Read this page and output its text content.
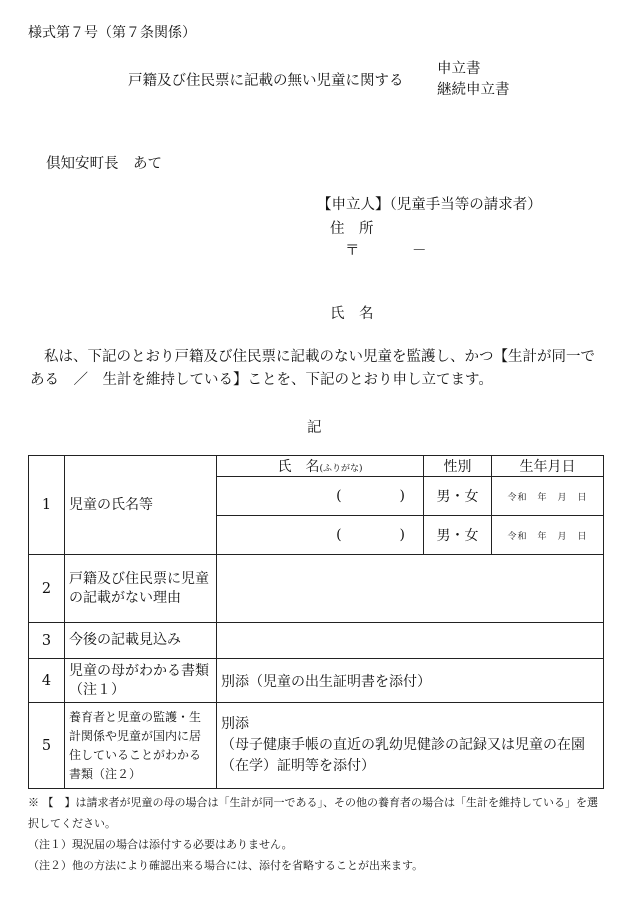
様式第７号（第７条関係）
戸籍及び住民票に記載の無い児童に関する
申立書
継続申立書
倶知安町長　あて
【申立人】（児童手当等の請求者）
住　所
〒	－
氏　名
私は、下記のとおり戸籍及び住民票に記載のない児童を監護し、かつ【生計が同一である　／　生計を維持している】ことを、下記のとおり申し立てます。
記
1	児童の氏名等	氏　名(ふりがな)	性別	生年月日

		( )	男・女	令和　年　月　日

		( )	男・女	令和　年　月　日
2	戸籍及び住民票に児童の記載がない理由			
3	今後の記載見込み			
4	児童の母がわかる書類（注１）	別添（児童の出生証明書を添付）		
5	養育者と児童の監護・生計関係や児童が国内に居住していることがわかる書類（注２）	別添
（母子健康手帳の直近の乳幼児健診の記録又は児童の在園（在学）証明等を添付）		
※ 【　】は請求者が児童の母の場合は「生計が同一である」、その他の養育者の場合は「生計を維持している」を選択してください。
（注１）現況届の場合は添付する必要はありません。
（注２）他の方法により確認出来る場合には、添付を省略することが出来ます。
